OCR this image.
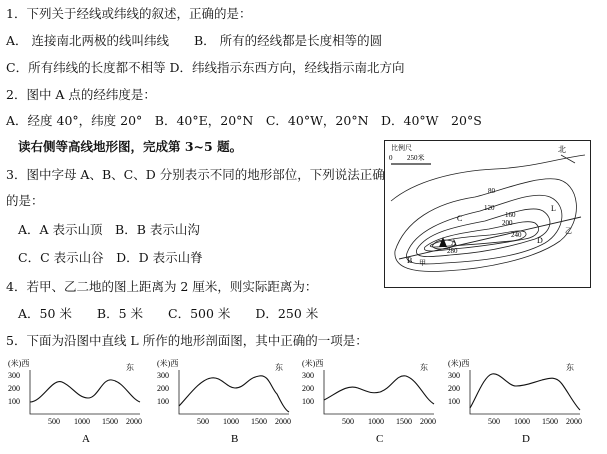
1．下列关于经线或纬线的叙述，正确的是：
A． 连接南北两极的线叫纬线　　B． 所有的经线都是长度相等的圆
C．所有纬线的长度都不相等 D．纬线指示东西方向，经线指示南北方向
2．图中 A 点的经纬度是：
A．经度 40°，纬度 20°　B．40°E，20°N　C．40°W，20°N　D．40°W　20°S
读右侧等高线地形图，完成第 3~5 题。
3．图中字母 A、B、C、D 分别表示不同的地形部位，下列说法正确
的是：
A．A 表示山顶　B．B 表示山沟
C．C 表示山谷　D．D 表示山脊
4．若甲、乙二地的图上距离为 2 厘米，则实际距离为：
A．50 米　　B．5 米　　C．500 米　　D．250 米
5．下面为沿图中直线 L 所作的地形剖面图，其中正确的一项是：
比例尺
0 250米
北
80
120
160
200
240
280
A
B
C
D
L
甲
乙
(米)西	东
300
200
100
500 1000 1500 2000
A
(米)西	东
300
200
100
500 1000 1500 2000
B
(米)西	东
300
200
100
500 1000 1500 2000
C
(米)西	东
300
200
100
500 1000 1500 2000
D
